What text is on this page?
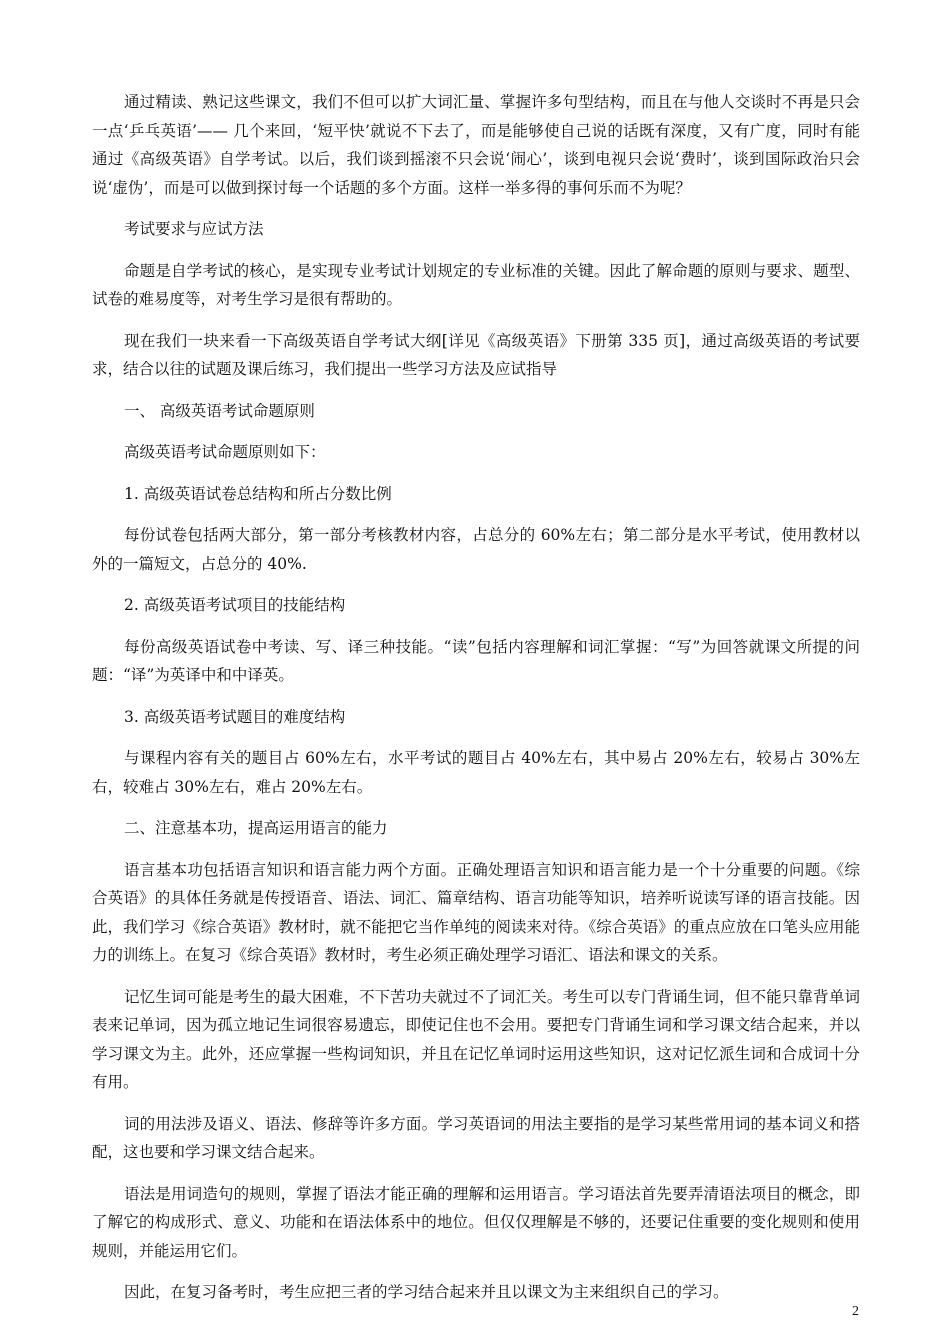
通过精读、熟记这些课文，我们不但可以扩大词汇量、掌握许多句型结构，而且在与他人交谈时不再是只会一点‘乒乓英语’—— 几个来回，‘短平快’就说不下去了，而是能够使自己说的话既有深度，又有广度，同时有能通过《高级英语》自学考试。以后，我们谈到摇滚不只会说‘闹心’，谈到电视只会说‘费时’，谈到国际政治只会说‘虚伪’，而是可以做到探讨每一个话题的多个方面。这样一举多得的事何乐而不为呢？

考试要求与应试方法

命题是自学考试的核心，是实现专业考试计划规定的专业标准的关键。因此了解命题的原则与要求、题型、试卷的难易度等，对考生学习是很有帮助的。

现在我们一块来看一下高级英语自学考试大纲[详见《高级英语》下册第 335 页]，通过高级英语的考试要求，结合以往的试题及课后练习，我们提出一些学习方法及应试指导

一、 高级英语考试命题原则

高级英语考试命题原则如下：

1. 高级英语试卷总结构和所占分数比例

每份试卷包括两大部分，第一部分考核教材内容，占总分的 60%左右；第二部分是水平考试，使用教材以外的一篇短文，占总分的 40%.

2. 高级英语考试项目的技能结构

每份高级英语试卷中考读、写、译三种技能。“读”包括内容理解和词汇掌握：“写”为回答就课文所提的问题：“译”为英译中和中译英。

3. 高级英语考试题目的难度结构

与课程内容有关的题目占 60%左右，水平考试的题目占 40%左右，其中易占 20%左右，较易占 30%左右，较难占 30%左右，难占 20%左右。

二、注意基本功，提高运用语言的能力

语言基本功包括语言知识和语言能力两个方面。正确处理语言知识和语言能力是一个十分重要的问题。《综合英语》的具体任务就是传授语音、语法、词汇、篇章结构、语言功能等知识，培养听说读写译的语言技能。因此，我们学习《综合英语》教材时，就不能把它当作单纯的阅读来对待。《综合英语》的重点应放在口笔头应用能力的训练上。在复习《综合英语》教材时，考生必须正确处理学习语汇、语法和课文的关系。

记忆生词可能是考生的最大困难，不下苦功夫就过不了词汇关。考生可以专门背诵生词，但不能只靠背单词表来记单词，因为孤立地记生词很容易遗忘，即使记住也不会用。要把专门背诵生词和学习课文结合起来，并以学习课文为主。此外，还应掌握一些构词知识，并且在记忆单词时运用这些知识，这对记忆派生词和合成词十分有用。

词的用法涉及语义、语法、修辞等许多方面。学习英语词的用法主要指的是学习某些常用词的基本词义和搭配，这也要和学习课文结合起来。

语法是用词造句的规则，掌握了语法才能正确的理解和运用语言。学习语法首先要弄清语法项目的概念，即了解它的构成形式、意义、功能和在语法体系中的地位。但仅仅理解是不够的，还要记住重要的变化规则和使用规则，并能运用它们。

因此，在复习备考时，考生应把三者的学习结合起来并且以课文为主来组织自己的学习。

2
